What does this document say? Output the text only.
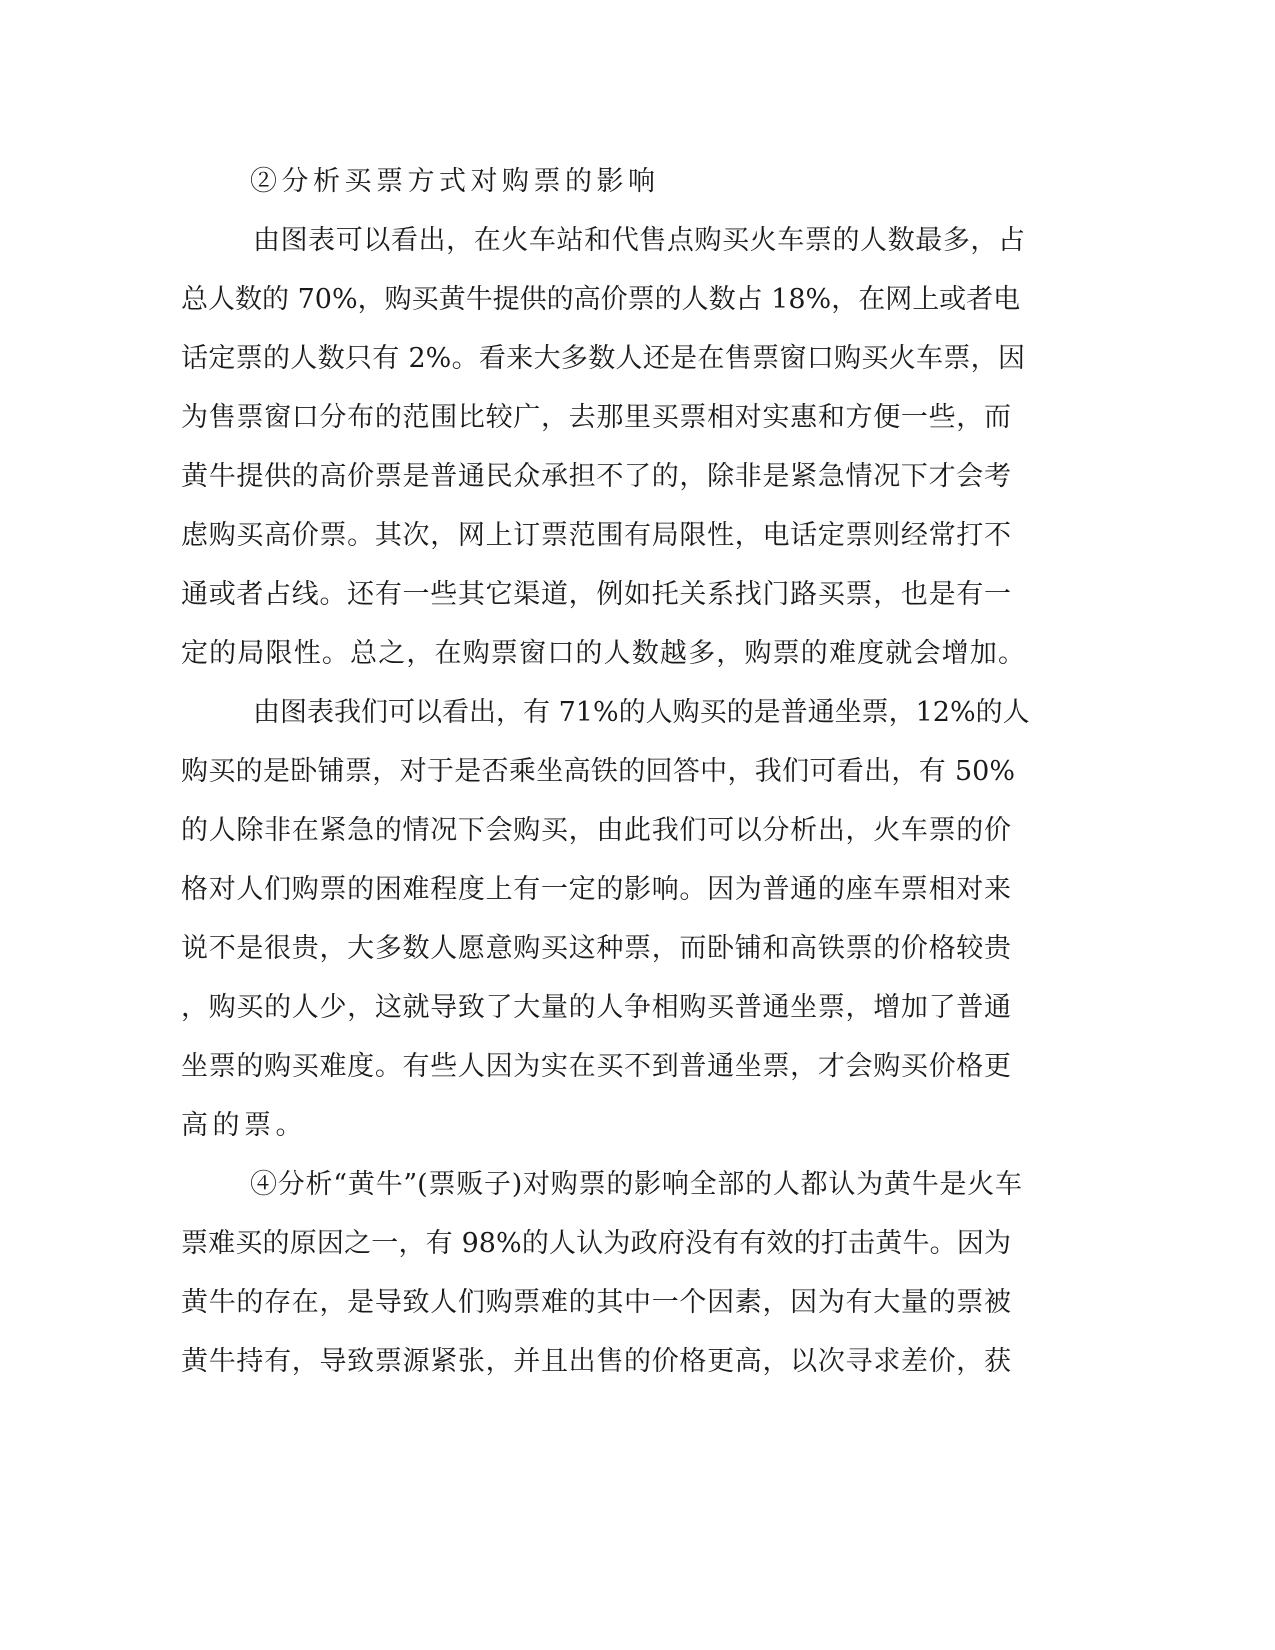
②分析买票方式对购票的影响

由图表可以看出，在火车站和代售点购买火车票的人数最多，占

总人数的 70%，购买黄牛提供的高价票的人数占 18%，在网上或者电

话定票的人数只有 2%。看来大多数人还是在售票窗口购买火车票，因

为售票窗口分布的范围比较广，去那里买票相对实惠和方便一些，而

黄牛提供的高价票是普通民众承担不了的，除非是紧急情况下才会考

虑购买高价票。其次，网上订票范围有局限性，电话定票则经常打不

通或者占线。还有一些其它渠道，例如托关系找门路买票，也是有一

定的局限性。总之，在购票窗口的人数越多，购票的难度就会增加。

由图表我们可以看出，有 71%的人购买的是普通坐票，12%的人

购买的是卧铺票，对于是否乘坐高铁的回答中，我们可看出，有 50%

的人除非在紧急的情况下会购买，由此我们可以分析出，火车票的价

格对人们购票的困难程度上有一定的影响。因为普通的座车票相对来

说不是很贵，大多数人愿意购买这种票，而卧铺和高铁票的价格较贵

，购买的人少，这就导致了大量的人争相购买普通坐票，增加了普通

坐票的购买难度。有些人因为实在买不到普通坐票，才会购买价格更

高的票。

④分析“黄牛”(票贩子)对购票的影响全部的人都认为黄牛是火车

票难买的原因之一，有 98%的人认为政府没有有效的打击黄牛。因为

黄牛的存在，是导致人们购票难的其中一个因素，因为有大量的票被

黄牛持有，导致票源紧张，并且出售的价格更高，以次寻求差价，获
